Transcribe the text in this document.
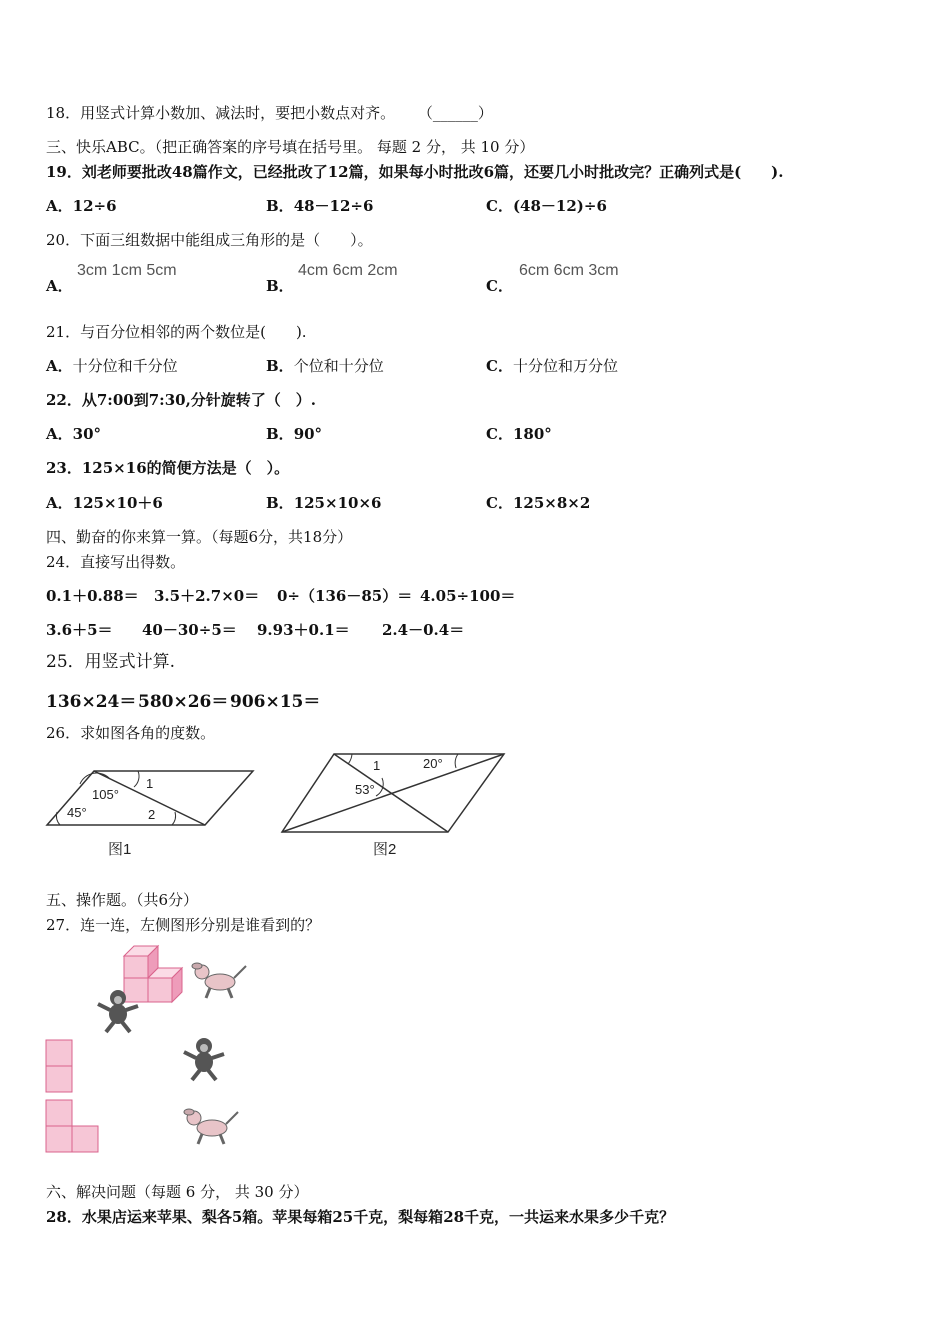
18．用竖式计算小数加、减法时，要把小数点对齐。 （______）
三、快乐ABC。（把正确答案的序号填在括号里。 每题 2 分， 共 10 分）
19．刘老师要批改48篇作文，已经批改了12篇，如果每小时批改6篇，还要几小时批改完？正确列式是(　　).
A．12÷6	B．48－12÷6	C．(48－12)÷6
20．下面三组数据中能组成三角形的是（　　）。
A．
3cm 1cm 5cm
B．
4cm 6cm 2cm
C．
6cm 6cm 3cm
21．与百分位相邻的两个数位是(　　).
A．十分位和千分位	B．个位和十分位	C．十分位和万分位
22．从7:00到7:30,分针旋转了（　）.
A．30°	B．90°	C．180°
23．125×16的简便方法是（　）。
A．125×10＋6	B．125×10×6	C．125×8×2
四、勤奋的你来算一算。（每题6分，共18分）
24．直接写出得数。
0.1＋0.88＝ 3.5＋2.7×0＝ 0÷（136－85）＝ 4.05÷100＝
3.6＋5＝ 40－30÷5＝ 9.93＋0.1＝ 2.4－0.4＝
25．用竖式计算.
136×24＝ 580×26＝ 906×15＝
26．求如图各角的度数。
105°
45°
1
2
图1
1	20°
53°
图2
五、操作题。（共6分）
27．连一连，左侧图形分别是谁看到的？
六、解决问题（每题 6 分， 共 30 分）
28．水果店运来苹果、梨各5箱。苹果每箱25千克，梨每箱28千克，一共运来水果多少千克？
